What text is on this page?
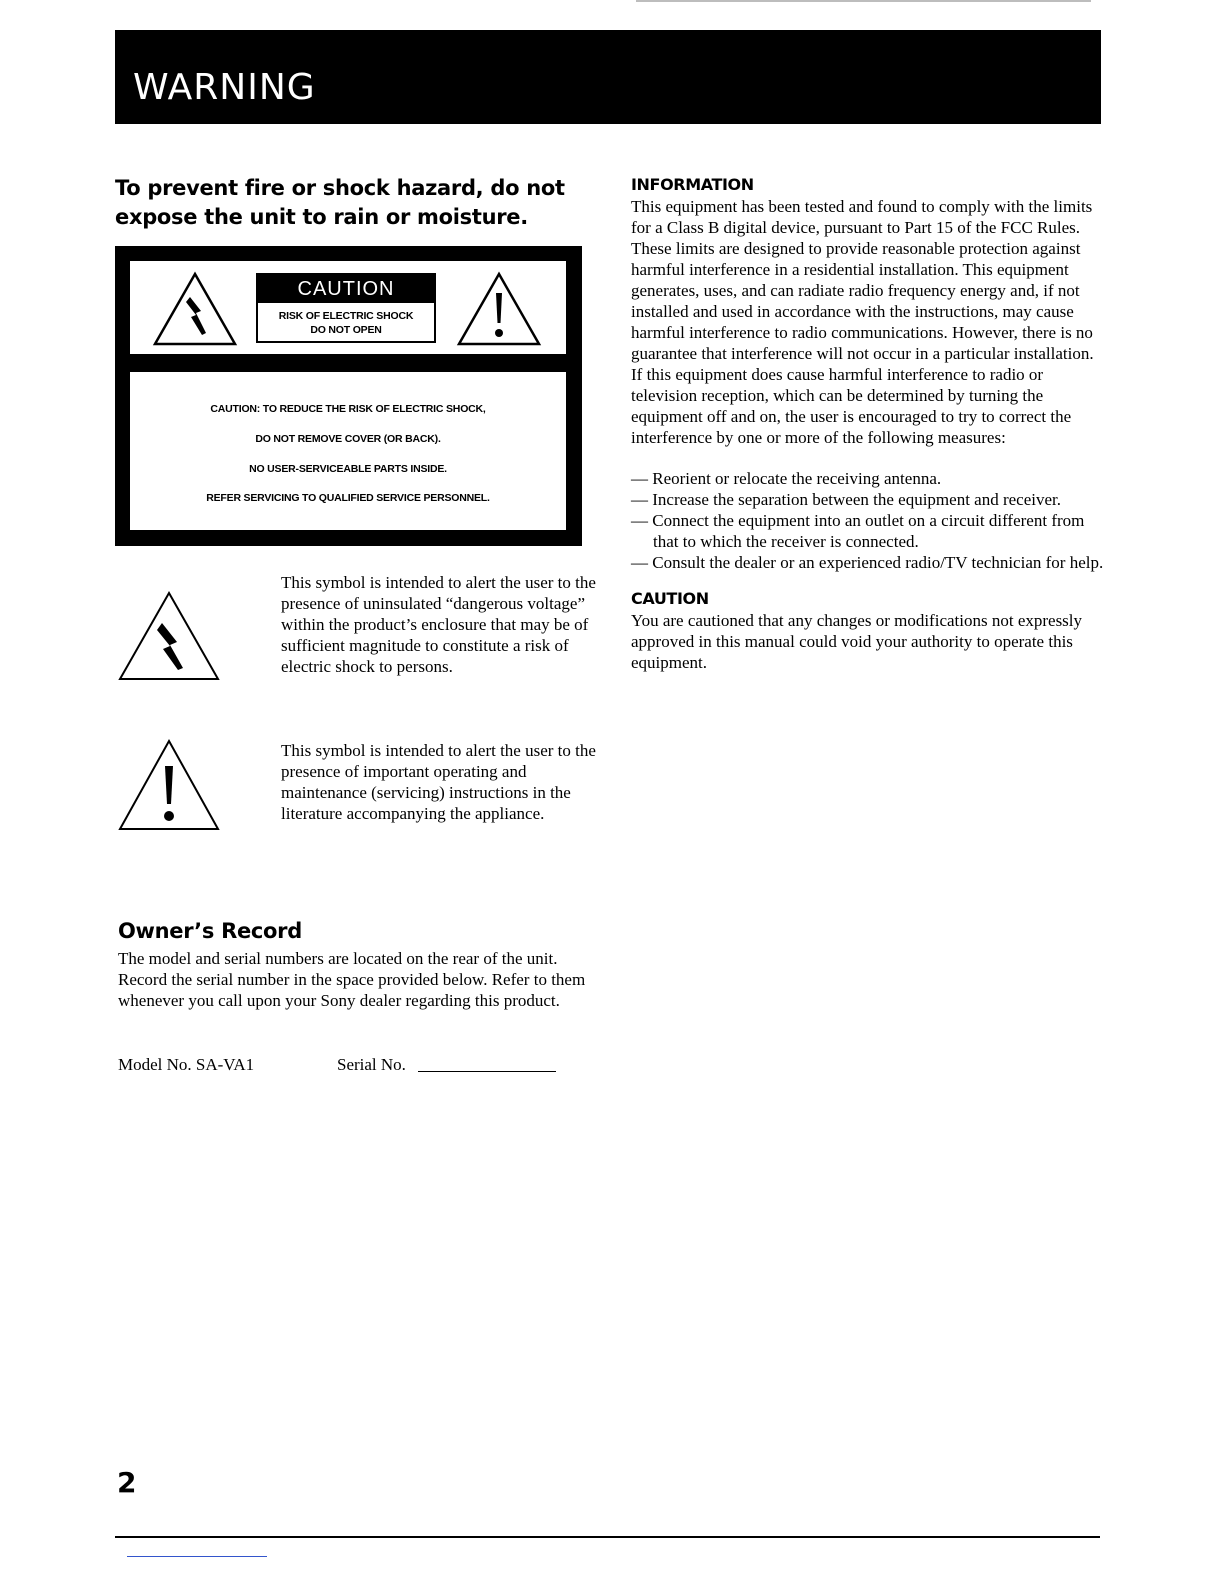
WARNING
To prevent fire or shock hazard, do not expose the unit to rain or moisture.
CAUTION
RISK OF ELECTRIC SHOCK
DO NOT OPEN
CAUTION: TO REDUCE THE RISK OF ELECTRIC SHOCK,
DO NOT REMOVE COVER (OR BACK).
NO USER-SERVICEABLE PARTS INSIDE.
REFER SERVICING TO QUALIFIED SERVICE PERSONNEL.
This symbol is intended to alert the user to the presence of uninsulated “dangerous voltage” within the product’s enclosure that may be of sufficient magnitude to constitute a risk of electric shock to persons.
This symbol is intended to alert the user to the presence of important operating and maintenance (servicing) instructions in the literature accompanying the appliance.
Owner’s Record
The model and serial numbers are located on the rear of the unit. Record the serial number in the space provided below. Refer to them whenever you call upon your Sony dealer regarding this product.
Model No. SA-VA1	Serial No.
INFORMATION

This equipment has been tested and found to comply with the limits for a Class B digital device, pursuant to Part 15 of the FCC Rules. These limits are designed to provide reasonable protection against harmful interference in a residential installation. This equipment generates, uses, and can radiate radio frequency energy and, if not installed and used in accordance with the instructions, may cause harmful interference to radio communications. However, there is no guarantee that interference will not occur in a particular installation. If this equipment does cause harmful interference to radio or television reception, which can be determined by turning the equipment off and on, the user is encouraged to try to correct the interference by one or more of the following measures:

— Reorient or relocate the receiving antenna.
— Increase the separation between the equipment and receiver.
— Connect the equipment into an outlet on a circuit different from that to which the receiver is connected.
— Consult the dealer or an experienced radio/TV technician for help.
CAUTION

You are cautioned that any changes or modifications not expressly approved in this manual could void your authority to operate this equipment.

2
